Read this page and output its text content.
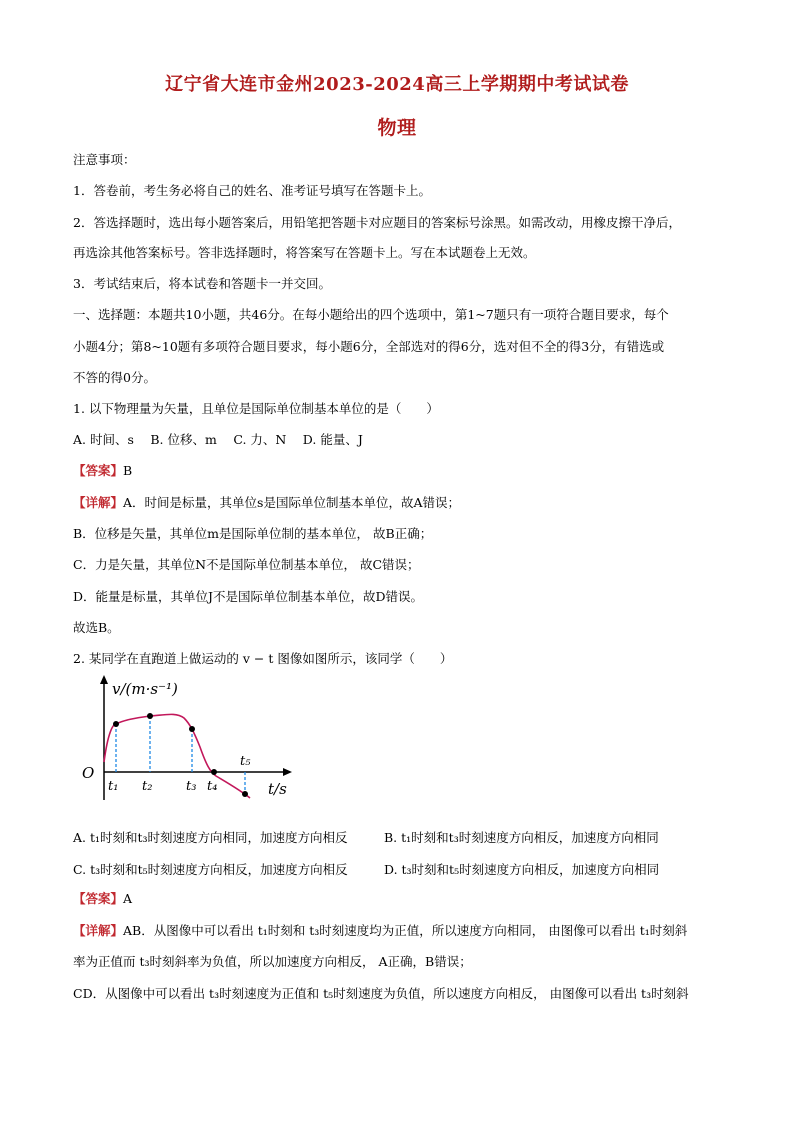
辽宁省大连市金州2023-2024高三上学期期中考试试卷
物理
注意事项：
1．答卷前，考生务必将自己的姓名、准考证号填写在答题卡上。
2．答选择题时，选出每小题答案后，用铅笔把答题卡对应题目的答案标号涂黑。如需改动，用橡皮擦干净后，
再选涂其他答案标号。答非选择题时，将答案写在答题卡上。写在本试题卷上无效。
3．考试结束后，将本试卷和答题卡一并交回。
一、选择题：本题共10小题，共46分。在每小题给出的四个选项中，第1~7题只有一项符合题目要求，每个
小题4分；第8~10题有多项符合题目要求，每小题6分，全部选对的得6分，选对但不全的得3分，有错选或
不答的得0分。
1. 以下物理量为矢量，且单位是国际单位制基本单位的是（　　）
A. 时间、s　 B. 位移、m　 C. 力、N　 D. 能量、J
【答案】B
【详解】A．时间是标量，其单位s是国际单位制基本单位，故A错误；
B．位移是矢量，其单位m是国际单位制的基本单位， 故B正确；
C．力是矢量，其单位N不是国际单位制基本单位， 故C错误；
D．能量是标量，其单位J不是国际单位制基本单位，故D错误。
故选B。
2. 某同学在直跑道上做运动的 v − t 图像如图所示，该同学（　　）
v/(m·s⁻¹)
O
t₁ t₂	t₃ t₄
t₅
t/s
A. t₁时刻和t₃时刻速度方向相同，加速度方向相反	B. t₁时刻和t₃时刻速度方向相反，加速度方向相同
C. t₃时刻和t₅时刻速度方向相反，加速度方向相反	D. t₃时刻和t₅时刻速度方向相反，加速度方向相同
【答案】A
【详解】AB．从图像中可以看出 t₁时刻和 t₃时刻速度均为正值，所以速度方向相同， 由图像可以看出 t₁时刻斜
率为正值而 t₃时刻斜率为负值，所以加速度方向相反， A正确，B错误；
CD．从图像中可以看出 t₃时刻速度为正值和 t₅时刻速度为负值，所以速度方向相反， 由图像可以看出 t₃时刻斜
